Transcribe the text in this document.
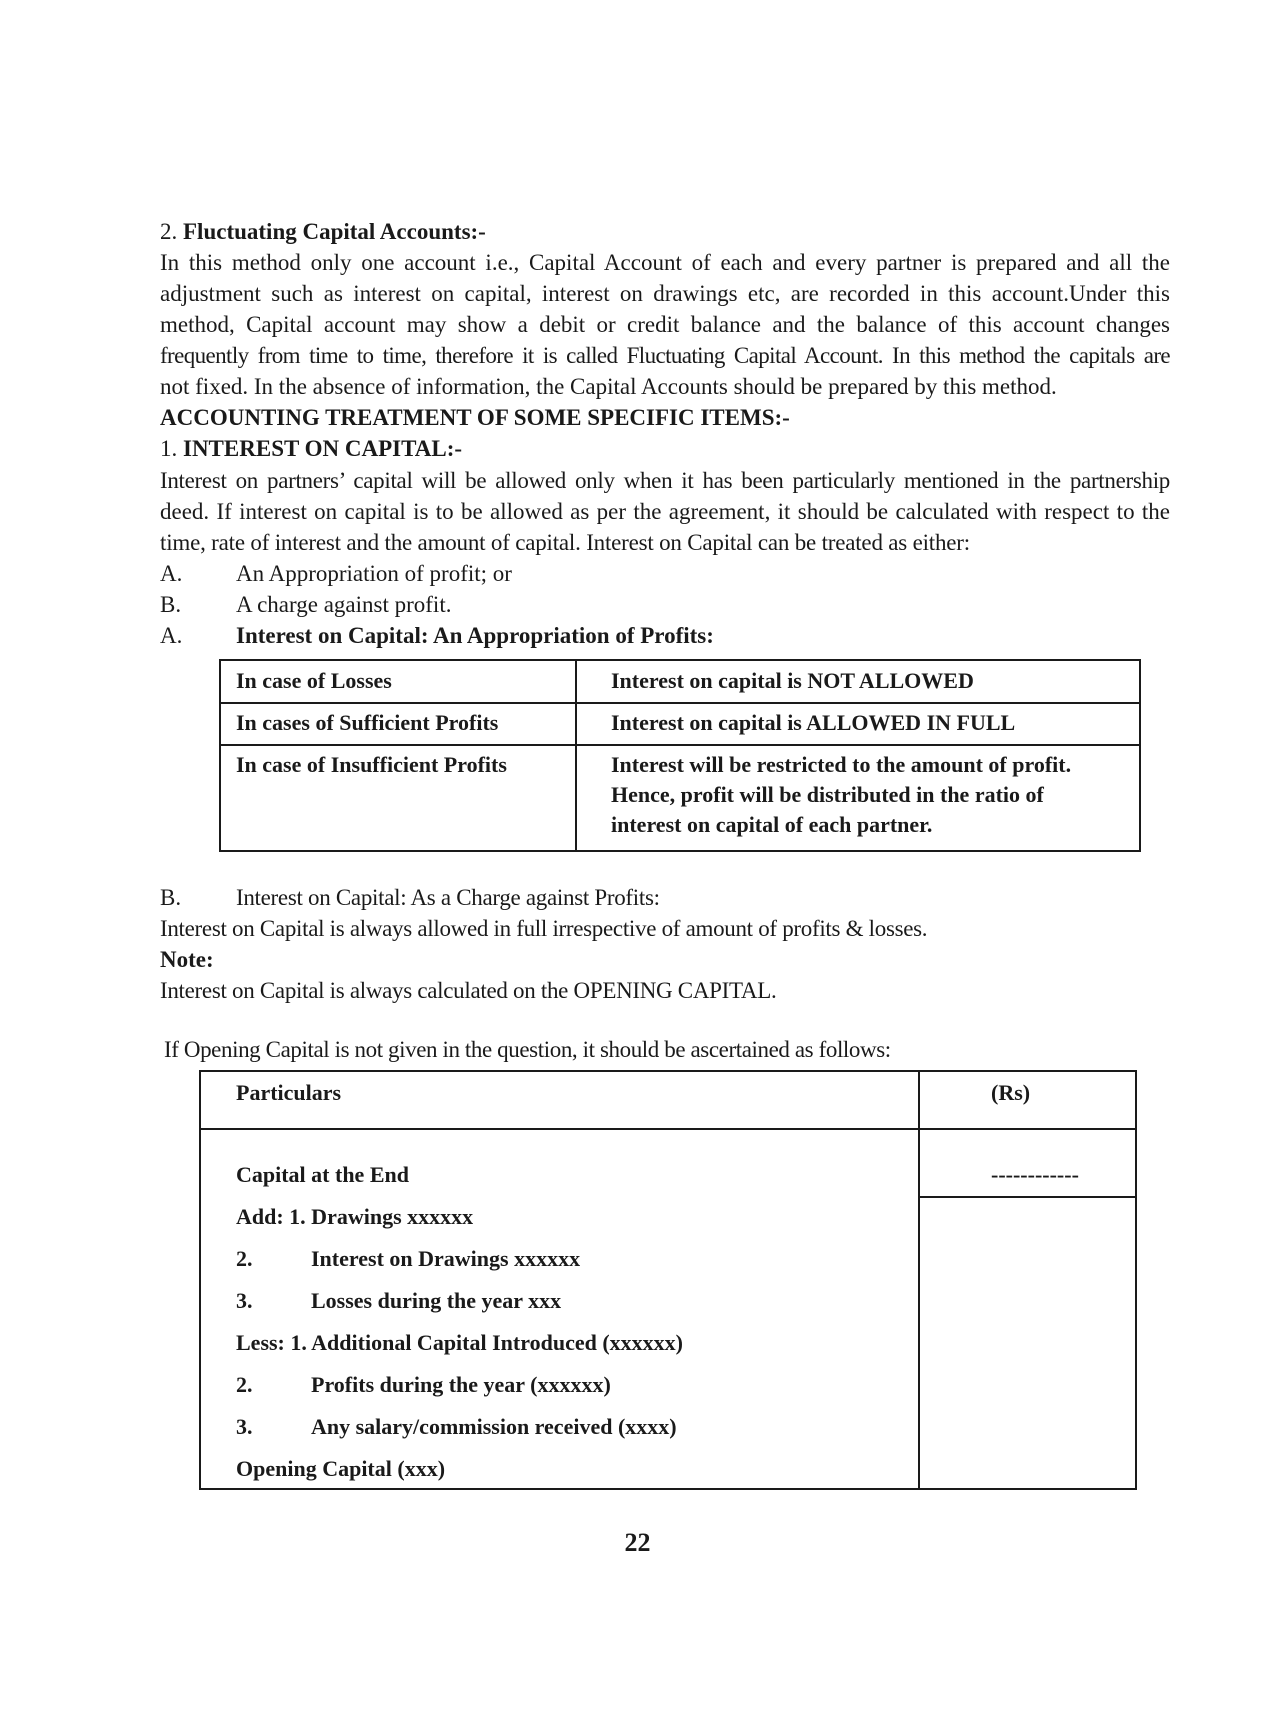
2. Fluctuating Capital Accounts:-
In this method only one account i.e., Capital Account of each and every partner is prepared and all the
adjustment such as interest on capital, interest on drawings etc, are recorded in this account.Under this
method, Capital account may show a debit or credit balance and the balance of this account changes
frequently from time to time, therefore it is called Fluctuating Capital Account. In this method the capitals are
not fixed. In the absence of information, the Capital Accounts should be prepared by this method.
ACCOUNTING TREATMENT OF SOME SPECIFIC ITEMS:-
1. INTEREST ON CAPITAL:-
Interest on partners’ capital will be allowed only when it has been particularly mentioned in the partnership
deed. If interest on capital is to be allowed as per the agreement, it should be calculated with respect to the
time, rate of interest and the amount of capital. Interest on Capital can be treated as either:
A. An Appropriation of profit; or
B. A charge against profit.
A. Interest on Capital: An Appropriation of Profits:
In case of Losses	Interest on capital is NOT ALLOWED
In cases of Sufficient Profits	Interest on capital is ALLOWED IN FULL
In case of Insufficient Profits	Interest will be restricted to the amount of profit.
Hence, profit will be distributed in the ratio of
interest on capital of each partner.
B. Interest on Capital: As a Charge against Profits:
Interest on Capital is always allowed in full irrespective of amount of profits & losses.
Note:
Interest on Capital is always calculated on the OPENING CAPITAL.
If Opening Capital is not given in the question, it should be ascertained as follows:
Particulars	(Rs)
Capital at the End	------------
Add: 1. Drawings xxxxxx
2.	Interest on Drawings xxxxxx
3.	Losses during the year xxx
Less: 1. Additional Capital Introduced (xxxxxx)
2.	Profits during the year (xxxxxx)
3.	Any salary/commission received (xxxx)
Opening Capital (xxx)
22
